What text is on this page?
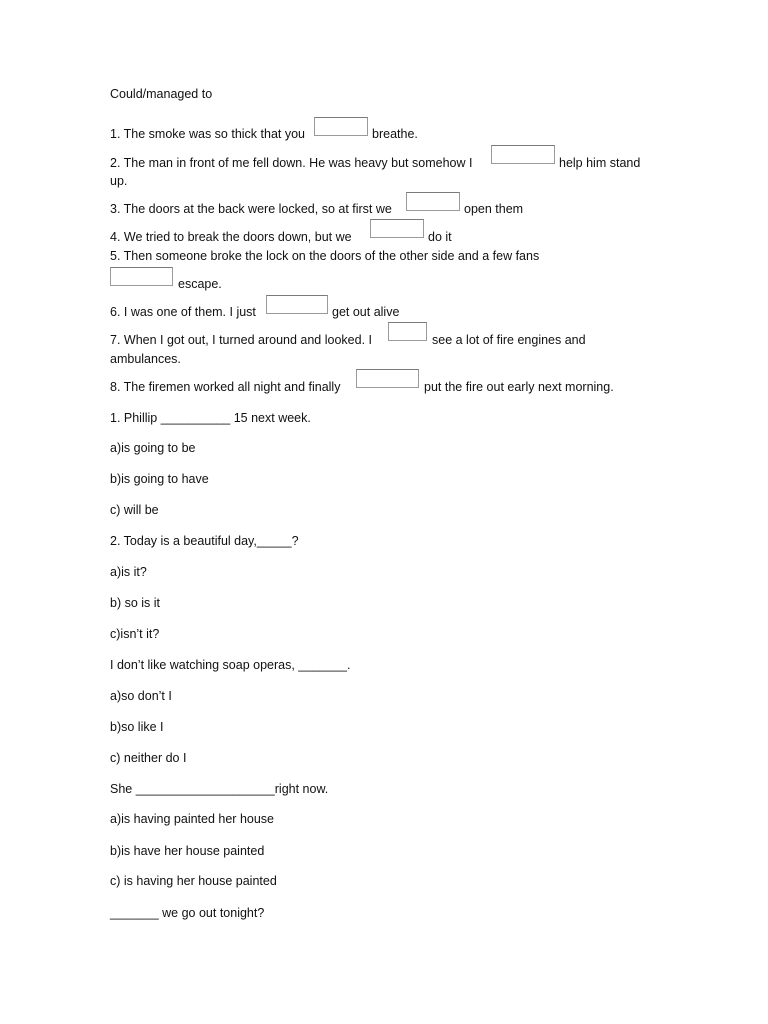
Could/managed to
1. The smoke was so thick that you	breathe.
2. The man in front of me fell down. He was heavy but somehow I	help him stand
up.
3. The doors at the back were locked, so at first we	open them
4. We tried to break the doors down, but we	do it
5. Then someone broke the lock on the doors of the other side and a few fans
escape.
6. I was one of them. I just	get out alive
7. When I got out, I turned around and looked. I	see a lot of fire engines and
ambulances.
8. The firemen worked all night and finally	put the fire out early next morning.
1. Phillip __________ 15 next week.
a)is going to be
b)is going to have
c) will be
2. Today is a beautiful day,_____?
a)is it?
b) so is it
c)isn’t it?
I don’t like watching soap operas, _______.
a)so don’t I
b)so like I
c) neither do I
She ____________________right now.
a)is having painted her house
b)is have her house painted
c) is having her house painted
_______ we go out tonight?
